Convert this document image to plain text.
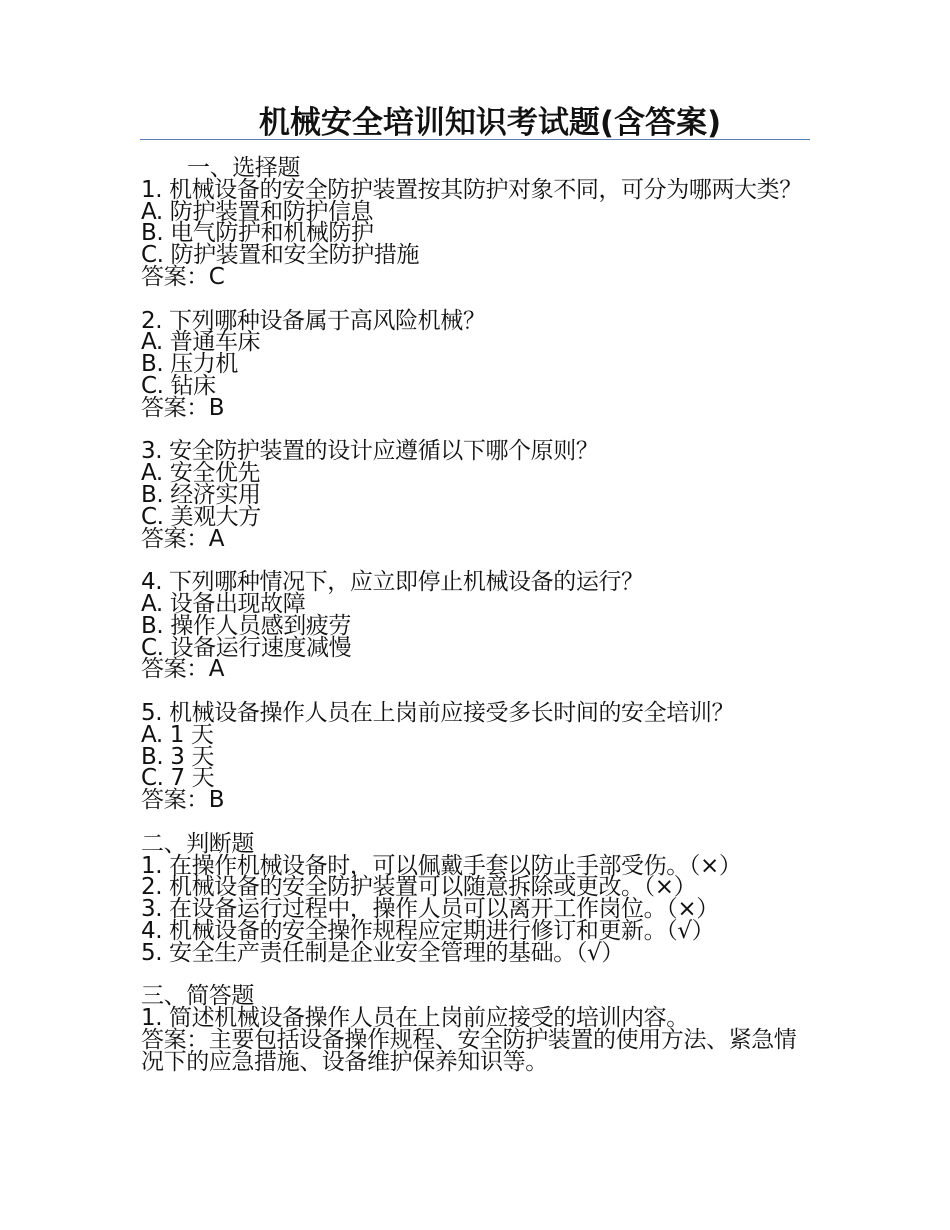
机械安全培训知识考试题(含答案)
一、选择题
1. 机械设备的安全防护装置按其防护对象不同，可分为哪两大类？
A. 防护装置和防护信息
B. 电气防护和机械防护
C. 防护装置和安全防护措施
答案：C
2. 下列哪种设备属于高风险机械？
A. 普通车床
B. 压力机
C. 钻床
答案：B
3. 安全防护装置的设计应遵循以下哪个原则？
A. 安全优先
B. 经济实用
C. 美观大方
答案：A
4. 下列哪种情况下，应立即停止机械设备的运行？
A. 设备出现故障
B. 操作人员感到疲劳
C. 设备运行速度减慢
答案：A
5. 机械设备操作人员在上岗前应接受多长时间的安全培训？
A. 1 天
B. 3 天
C. 7 天
答案：B
二、判断题
1. 在操作机械设备时，可以佩戴手套以防止手部受伤。（×）
2. 机械设备的安全防护装置可以随意拆除或更改。（×）
3. 在设备运行过程中，操作人员可以离开工作岗位。（×）
4. 机械设备的安全操作规程应定期进行修订和更新。（√）
5. 安全生产责任制是企业安全管理的基础。（√）
三、简答题
1. 简述机械设备操作人员在上岗前应接受的培训内容。
答案：主要包括设备操作规程、安全防护装置的使用方法、紧急情况下的应急措施、设备维护保养知识等。
